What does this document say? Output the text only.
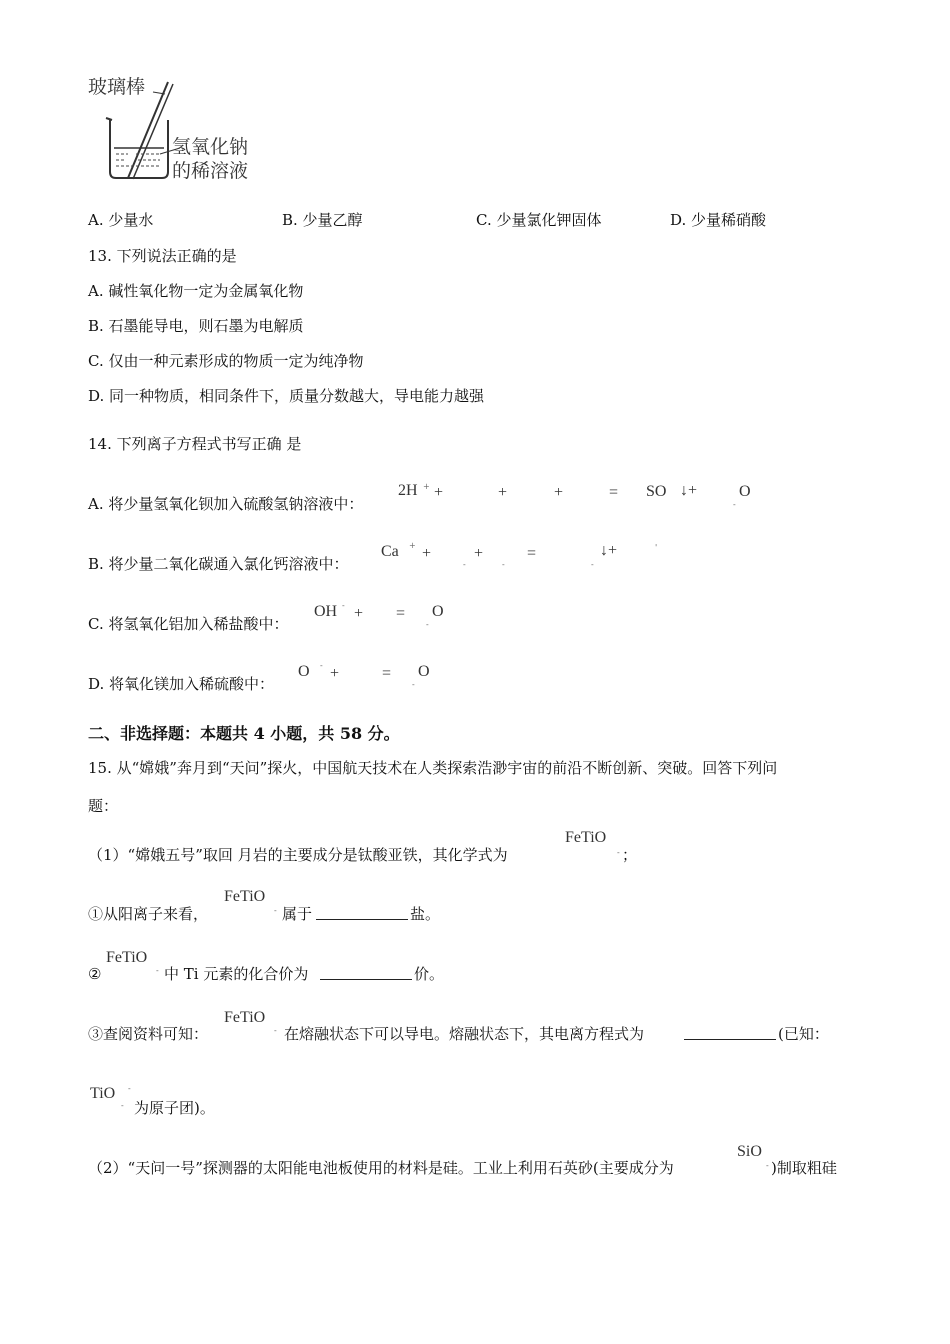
玻璃棒
氢氧化钠
的稀溶液
A. 少量水	B. 少量乙醇	C. 少量氯化钾固体	D. 少量稀硝酸
13. 下列说法正确的是
A. 碱性氧化物一定为金属氧化物
B. 石墨能导电，则石墨为电解质
C. 仅由一种元素形成的物质一定为纯净物
D. 同一种物质，相同条件下，质量分数越大，导电能力越强
14. 下列离子方程式书写正确 是
A. 将少量氢氧化钡加入硫酸氢钠溶液中：
2H + +	+	+	= SO ↓+
-
O
B. 将少量二氧化碳通入氯化钙溶液中：
Ca + +
-
+
-
=
-
↓+	'
C. 将氢氧化铝加入稀盐酸中：
OH - + =
-
O
D. 将氧化镁加入稀硫酸中：
O - +	=
-
O
二、非选择题：本题共 4 小题，共 58 分。
15. 从“嫦娥”奔月到“天问”探火，中国航天技术在人类探索浩渺宇宙的前沿不断创新、突破。回答下列问
题：
（1）“嫦娥五号”取回 月岩的主要成分是钛酸亚铁，其化学式为
FeTiO
- ；
①从阳离子来看，
FeTiO
- 属于	盐。
②
FeTiO
- 中 Ti 元素的化合价为	价。
③查阅资料可知：
FeTiO
- 在熔融状态下可以导电。熔融状态下，其电离方程式为	(已知：
TiO -
- 为原子团)。
（2）“天问一号”探测器的太阳能电池板使用的材料是硅。工业上利用石英砂(主要成分为
SiO
- )制取粗硅
